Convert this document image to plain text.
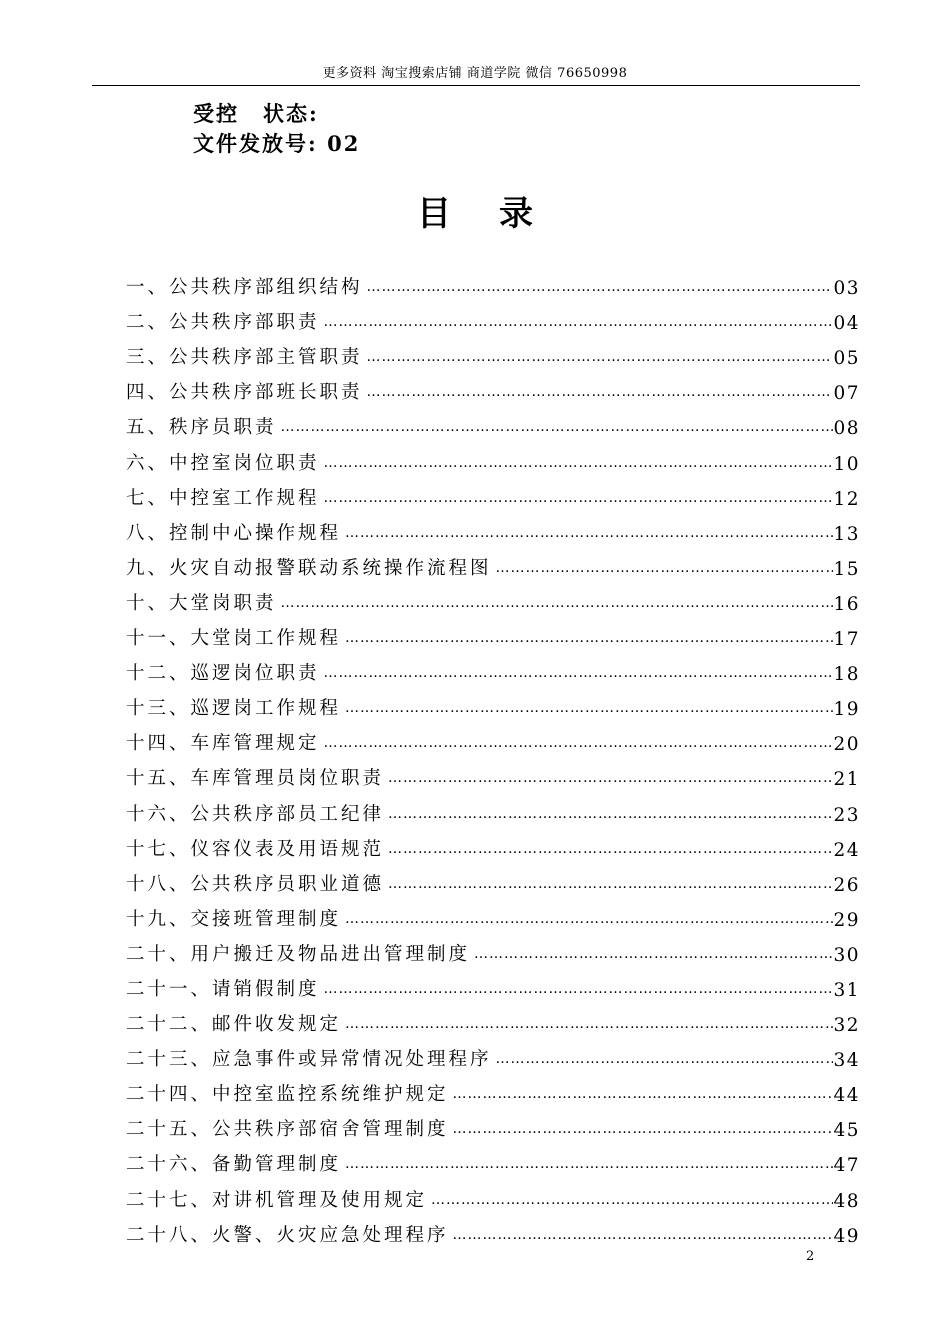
更多资料 淘宝搜索店铺 商道学院 微信 76650998
受控 状态:
文件发放号: 02
目录
一、公共秩序部组织结构 …………………………………………………………………………………………………………………………………………………………	03
二、公共秩序部职责 …………………………………………………………………………………………………………………………………………………………	04
三、公共秩序部主管职责 …………………………………………………………………………………………………………………………………………………………	05
四、公共秩序部班长职责 …………………………………………………………………………………………………………………………………………………………	07
五、秩序员职责 …………………………………………………………………………………………………………………………………………………………	08
六、中控室岗位职责 …………………………………………………………………………………………………………………………………………………………	10
七、中控室工作规程 …………………………………………………………………………………………………………………………………………………………	12
八、控制中心操作规程 …………………………………………………………………………………………………………………………………………………………	13
九、火灾自动报警联动系统操作流程图 …………………………………………………………………………………………………………………………………………………………	15
十、大堂岗职责 …………………………………………………………………………………………………………………………………………………………	16
十一、大堂岗工作规程 …………………………………………………………………………………………………………………………………………………………	17
十二、巡逻岗位职责 …………………………………………………………………………………………………………………………………………………………	18
十三、巡逻岗工作规程 …………………………………………………………………………………………………………………………………………………………	19
十四、车库管理规定 …………………………………………………………………………………………………………………………………………………………	20
十五、车库管理员岗位职责 …………………………………………………………………………………………………………………………………………………………	21
十六、公共秩序部员工纪律 …………………………………………………………………………………………………………………………………………………………	23
十七、仪容仪表及用语规范 …………………………………………………………………………………………………………………………………………………………	24
十八、公共秩序员职业道德 …………………………………………………………………………………………………………………………………………………………	26
十九、交接班管理制度 …………………………………………………………………………………………………………………………………………………………	29
二十、用户搬迁及物品进出管理制度 …………………………………………………………………………………………………………………………………………………………	30
二十一、请销假制度 …………………………………………………………………………………………………………………………………………………………	31
二十二、邮件收发规定 …………………………………………………………………………………………………………………………………………………………	32
二十三、应急事件或异常情况处理程序 …………………………………………………………………………………………………………………………………………………………	34
二十四、中控室监控系统维护规定 …………………………………………………………………………………………………………………………………………………………	44
二十五、公共秩序部宿舍管理制度 …………………………………………………………………………………………………………………………………………………………	45
二十六、备勤管理制度 …………………………………………………………………………………………………………………………………………………………	47
二十七、对讲机管理及使用规定 …………………………………………………………………………………………………………………………………………………………	48
二十八、火警、火灾应急处理程序 …………………………………………………………………………………………………………………………………………………………	49
2
